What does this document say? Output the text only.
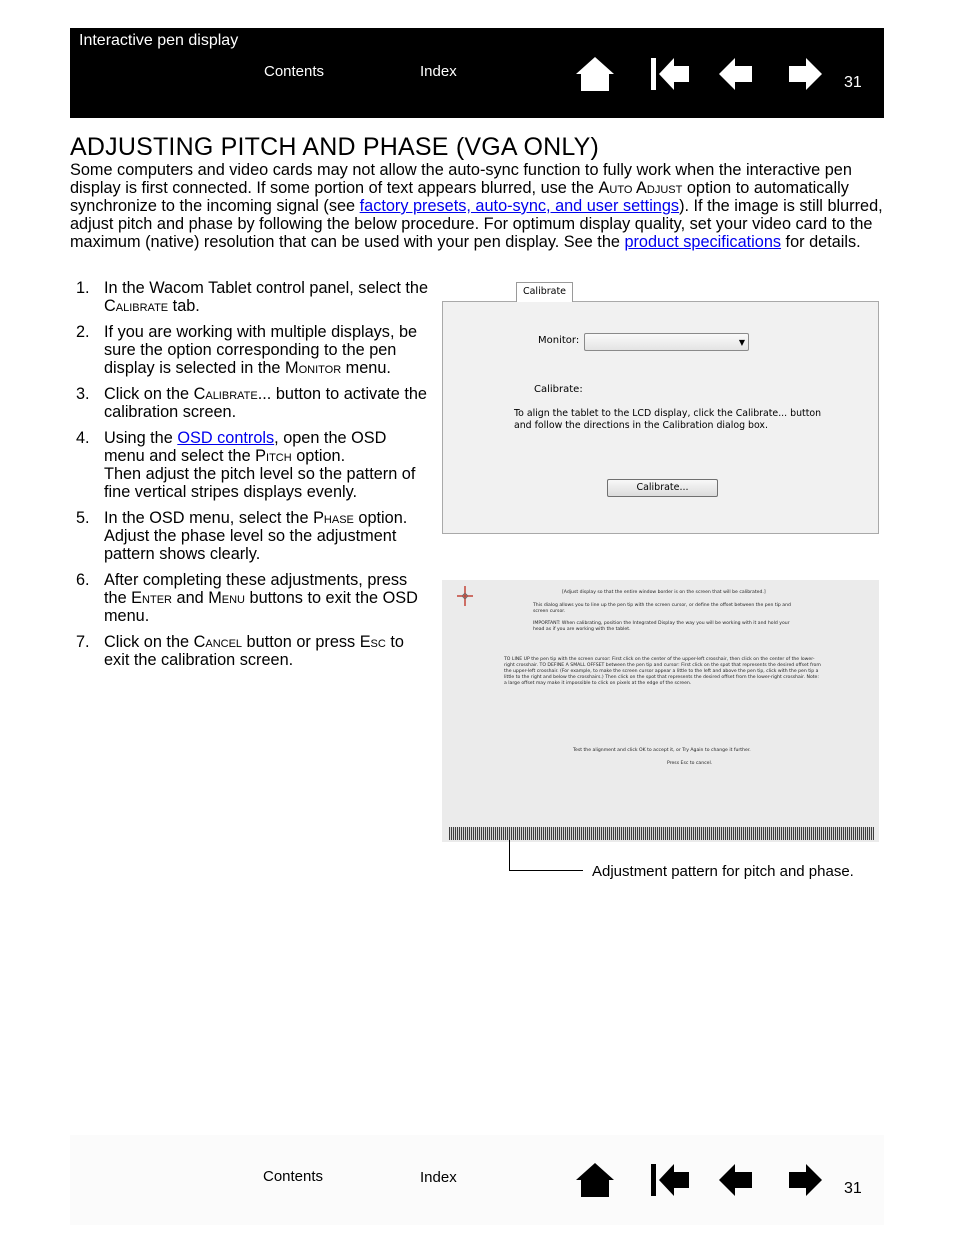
Interactive pen display
Contents	Index
31
ADJUSTING PITCH AND PHASE (VGA ONLY)

Some computers and video cards may not allow the auto-sync function to fully work when the interactive pen display is first connected. If some portion of text appears blurred, use the Auto Adjust option to automatically synchronize to the incoming signal (see factory presets, auto-sync, and user settings). If the image is still blurred, adjust pitch and phase by following the below procedure. For optimum display quality, set your video card to the maximum (native) resolution that can be used with your pen display. See the product specifications for details.

1. In the Wacom Tablet control panel, select the Calibrate tab.
2. If you are working with multiple displays, be sure the option corresponding to the pen display is selected in the Monitor menu.
3. Click on the Calibrate... button to activate the calibration screen.
4. Using the OSD controls, open the OSD menu and select the Pitch option.
Then adjust the pitch level so the pattern of fine vertical stripes displays evenly.
5. In the OSD menu, select the Phase option. Adjust the phase level so the adjustment pattern shows clearly.
6. After completing these adjustments, press the Enter and Menu buttons to exit the OSD menu.
7. Click on the Cancel button or press Esc to exit the calibration screen.
Calibrate
Monitor:	▼
Calibrate:
To align the tablet to the LCD display, click the Calibrate... button and follow the directions in the Calibration dialog box.
Calibrate...
[Adjust display so that the entire window border is on the screen that will be calibrated.]
This dialog allows you to line up the pen tip with the screen cursor, or define the offset between the pen tip and screen cursor.
IMPORTANT: When calibrating, position the Integrated Display the way you will be working with it and hold your head as if you are working with the tablet.
TO LINE UP the pen tip with the screen cursor: First click on the center of the upper-left crosshair, then click on the center of the lower-right crosshair. TO DEFINE A SMALL OFFSET between the pen tip and cursor: First click on the spot that represents the desired offset from the upper-left crosshair. (For example, to make the screen cursor appear a little to the left and above the pen tip, click with the pen tip a little to the right and below the crosshairs.) Then click on the spot that represents the desired offset from the lower-right crosshair. Note: a large offset may make it impossible to click on pixels at the edge of the screen.
Test the alignment and click OK to accept it, or Try Again to change it further.
Press Esc to cancel.
Adjustment pattern for pitch and phase.
Contents	Index
31
